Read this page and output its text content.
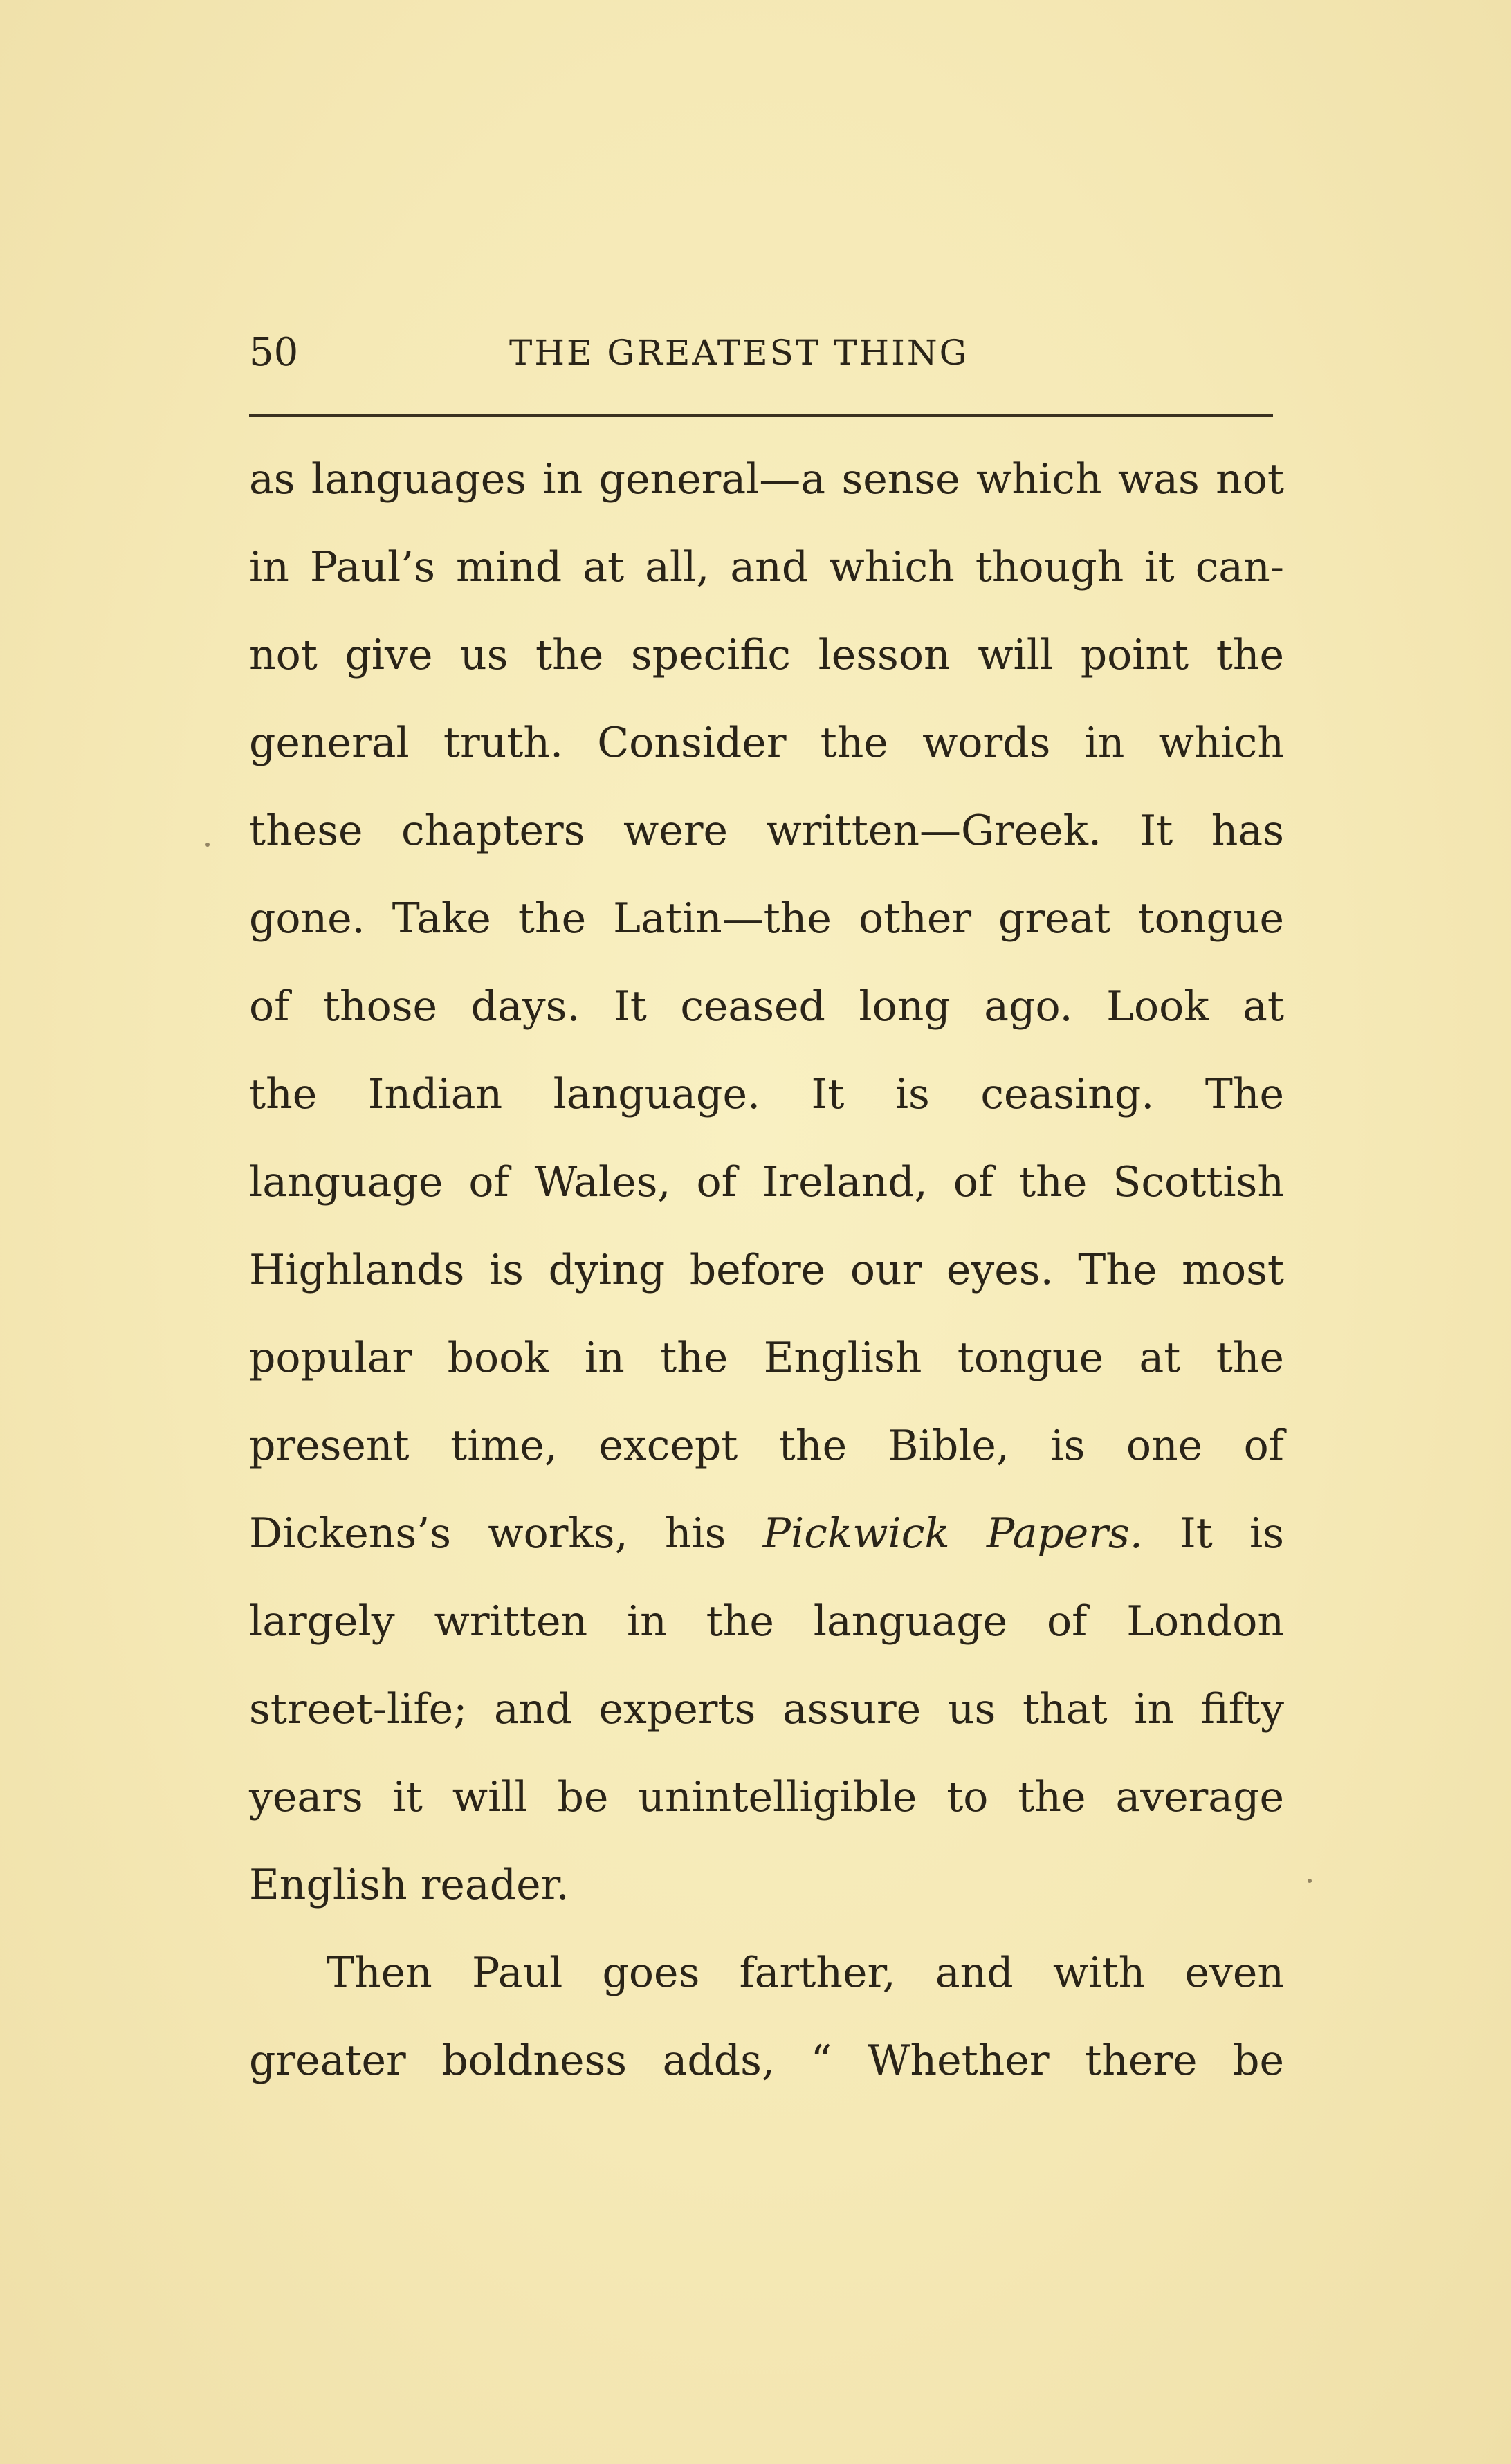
50	THE GREATEST THING
as languages in general—a sense which was not
in Paul’s mind at all, and which though it can-
not give us the specific lesson will point the
general truth. Consider the words in which
these chapters were written—Greek. It has
gone. Take the Latin—the other great tongue
of those days. It ceased long ago. Look at
the Indian language. It is ceasing. The
language of Wales, of Ireland, of the Scottish
Highlands is dying before our eyes. The most
popular book in the English tongue at the
present time, except the Bible, is one of
Dickens’s works, his Pickwick Papers. It is
largely written in the language of London
street-life; and experts assure us that in fifty
years it will be unintelligible to the average
English reader.
Then Paul goes farther, and with even
greater boldness adds, “ Whether there be
